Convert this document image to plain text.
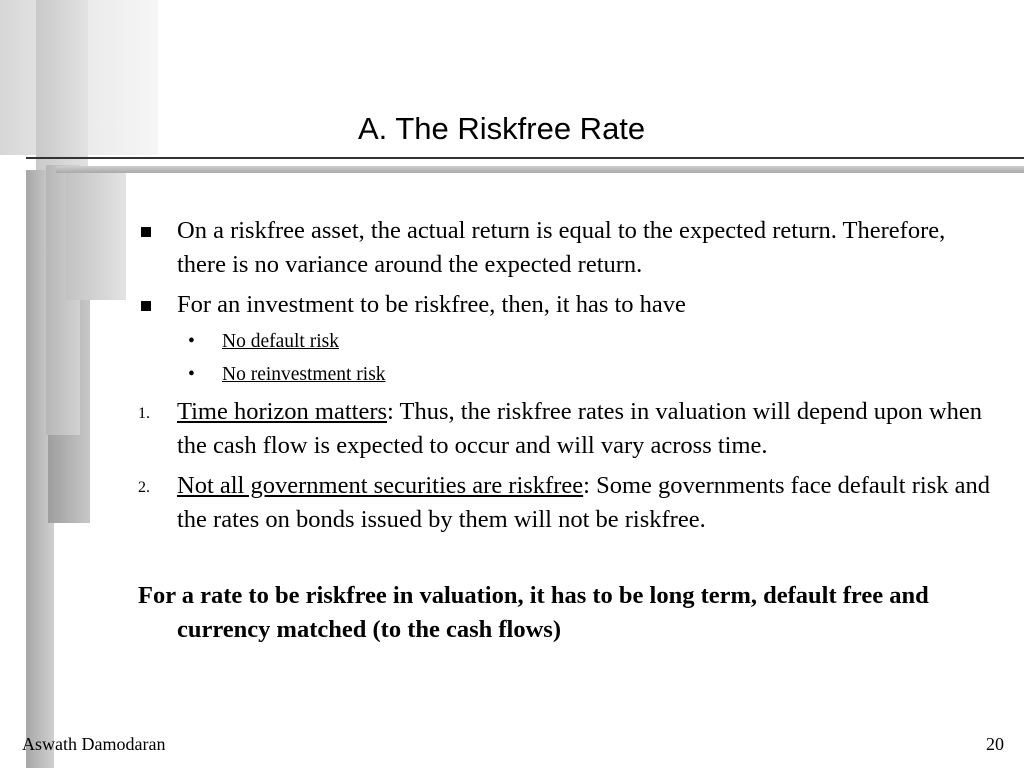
A. The Riskfree Rate
On a riskfree asset, the actual return is equal to the expected return. Therefore, there is no variance around the expected return.
For an investment to be riskfree, then, it has to have
• No default risk
• No reinvestment risk
1. Time horizon matters: Thus, the riskfree rates in valuation will depend upon when the cash flow is expected to occur and will vary across time.
2. Not all government securities are riskfree: Some governments face default risk and the rates on bonds issued by them will not be riskfree.
For a rate to be riskfree in valuation, it has to be long term, default free and currency matched (to the cash flows)
Aswath Damodaran	20
